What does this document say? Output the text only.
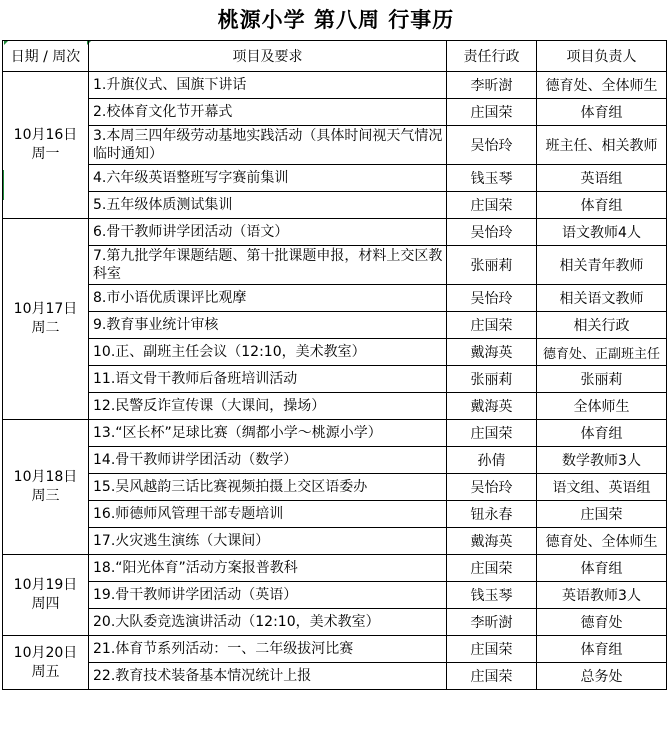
桃源小学 第八周 行事历
日期 / 周次	项目及要求	责任行政	项目负责人

10月16日
周一	1.升旗仪式、国旗下讲话	李昕澍	德育处、全体师生
	2.校体育文化节开幕式	庄国荣	体育组
	3.本周三四年级劳动基地实践活动（具体时间视天气情况临时通知）	吴怡玲	班主任、相关教师
	4.六年级英语整班写字赛前集训	钱玉琴	英语组
	5.五年级体质测试集训	庄国荣	体育组

10月17日
周二	6.骨干教师讲学团活动（语文）	吴怡玲	语文教师4人
	7.第九批学年课题结题、第十批课题申报，材料上交区教科室	张丽莉	相关青年教师
	8.市小语优质课评比观摩	吴怡玲	相关语文教师
	9.教育事业统计审核	庄国荣	相关行政
	10.正、副班主任会议（12:10，美术教室）	戴海英	德育处、正副班主任
	11.语文骨干教师后备班培训活动	张丽莉	张丽莉
	12.民警反诈宣传课（大课间，操场）	戴海英	全体师生

10月18日
周三	13.“区长杯”足球比赛（绸都小学～桃源小学）	庄国荣	体育组
	14.骨干教师讲学团活动（数学）	孙倩	数学教师3人
	15.吴风越韵三话比赛视频拍摄上交区语委办	吴怡玲	语文组、英语组
	16.师德师风管理干部专题培训	钮永春	庄国荣
	17.火灾逃生演练（大课间）	戴海英	德育处、全体师生

10月19日
周四	18.“阳光体育”活动方案报普教科	庄国荣	体育组
	19.骨干教师讲学团活动（英语）	钱玉琴	英语教师3人
	20.大队委竞选演讲活动（12:10，美术教室）	李昕澍	德育处

10月20日
周五	21.体育节系列活动：一、二年级拔河比赛	庄国荣	体育组
	22.教育技术装备基本情况统计上报	庄国荣	总务处
